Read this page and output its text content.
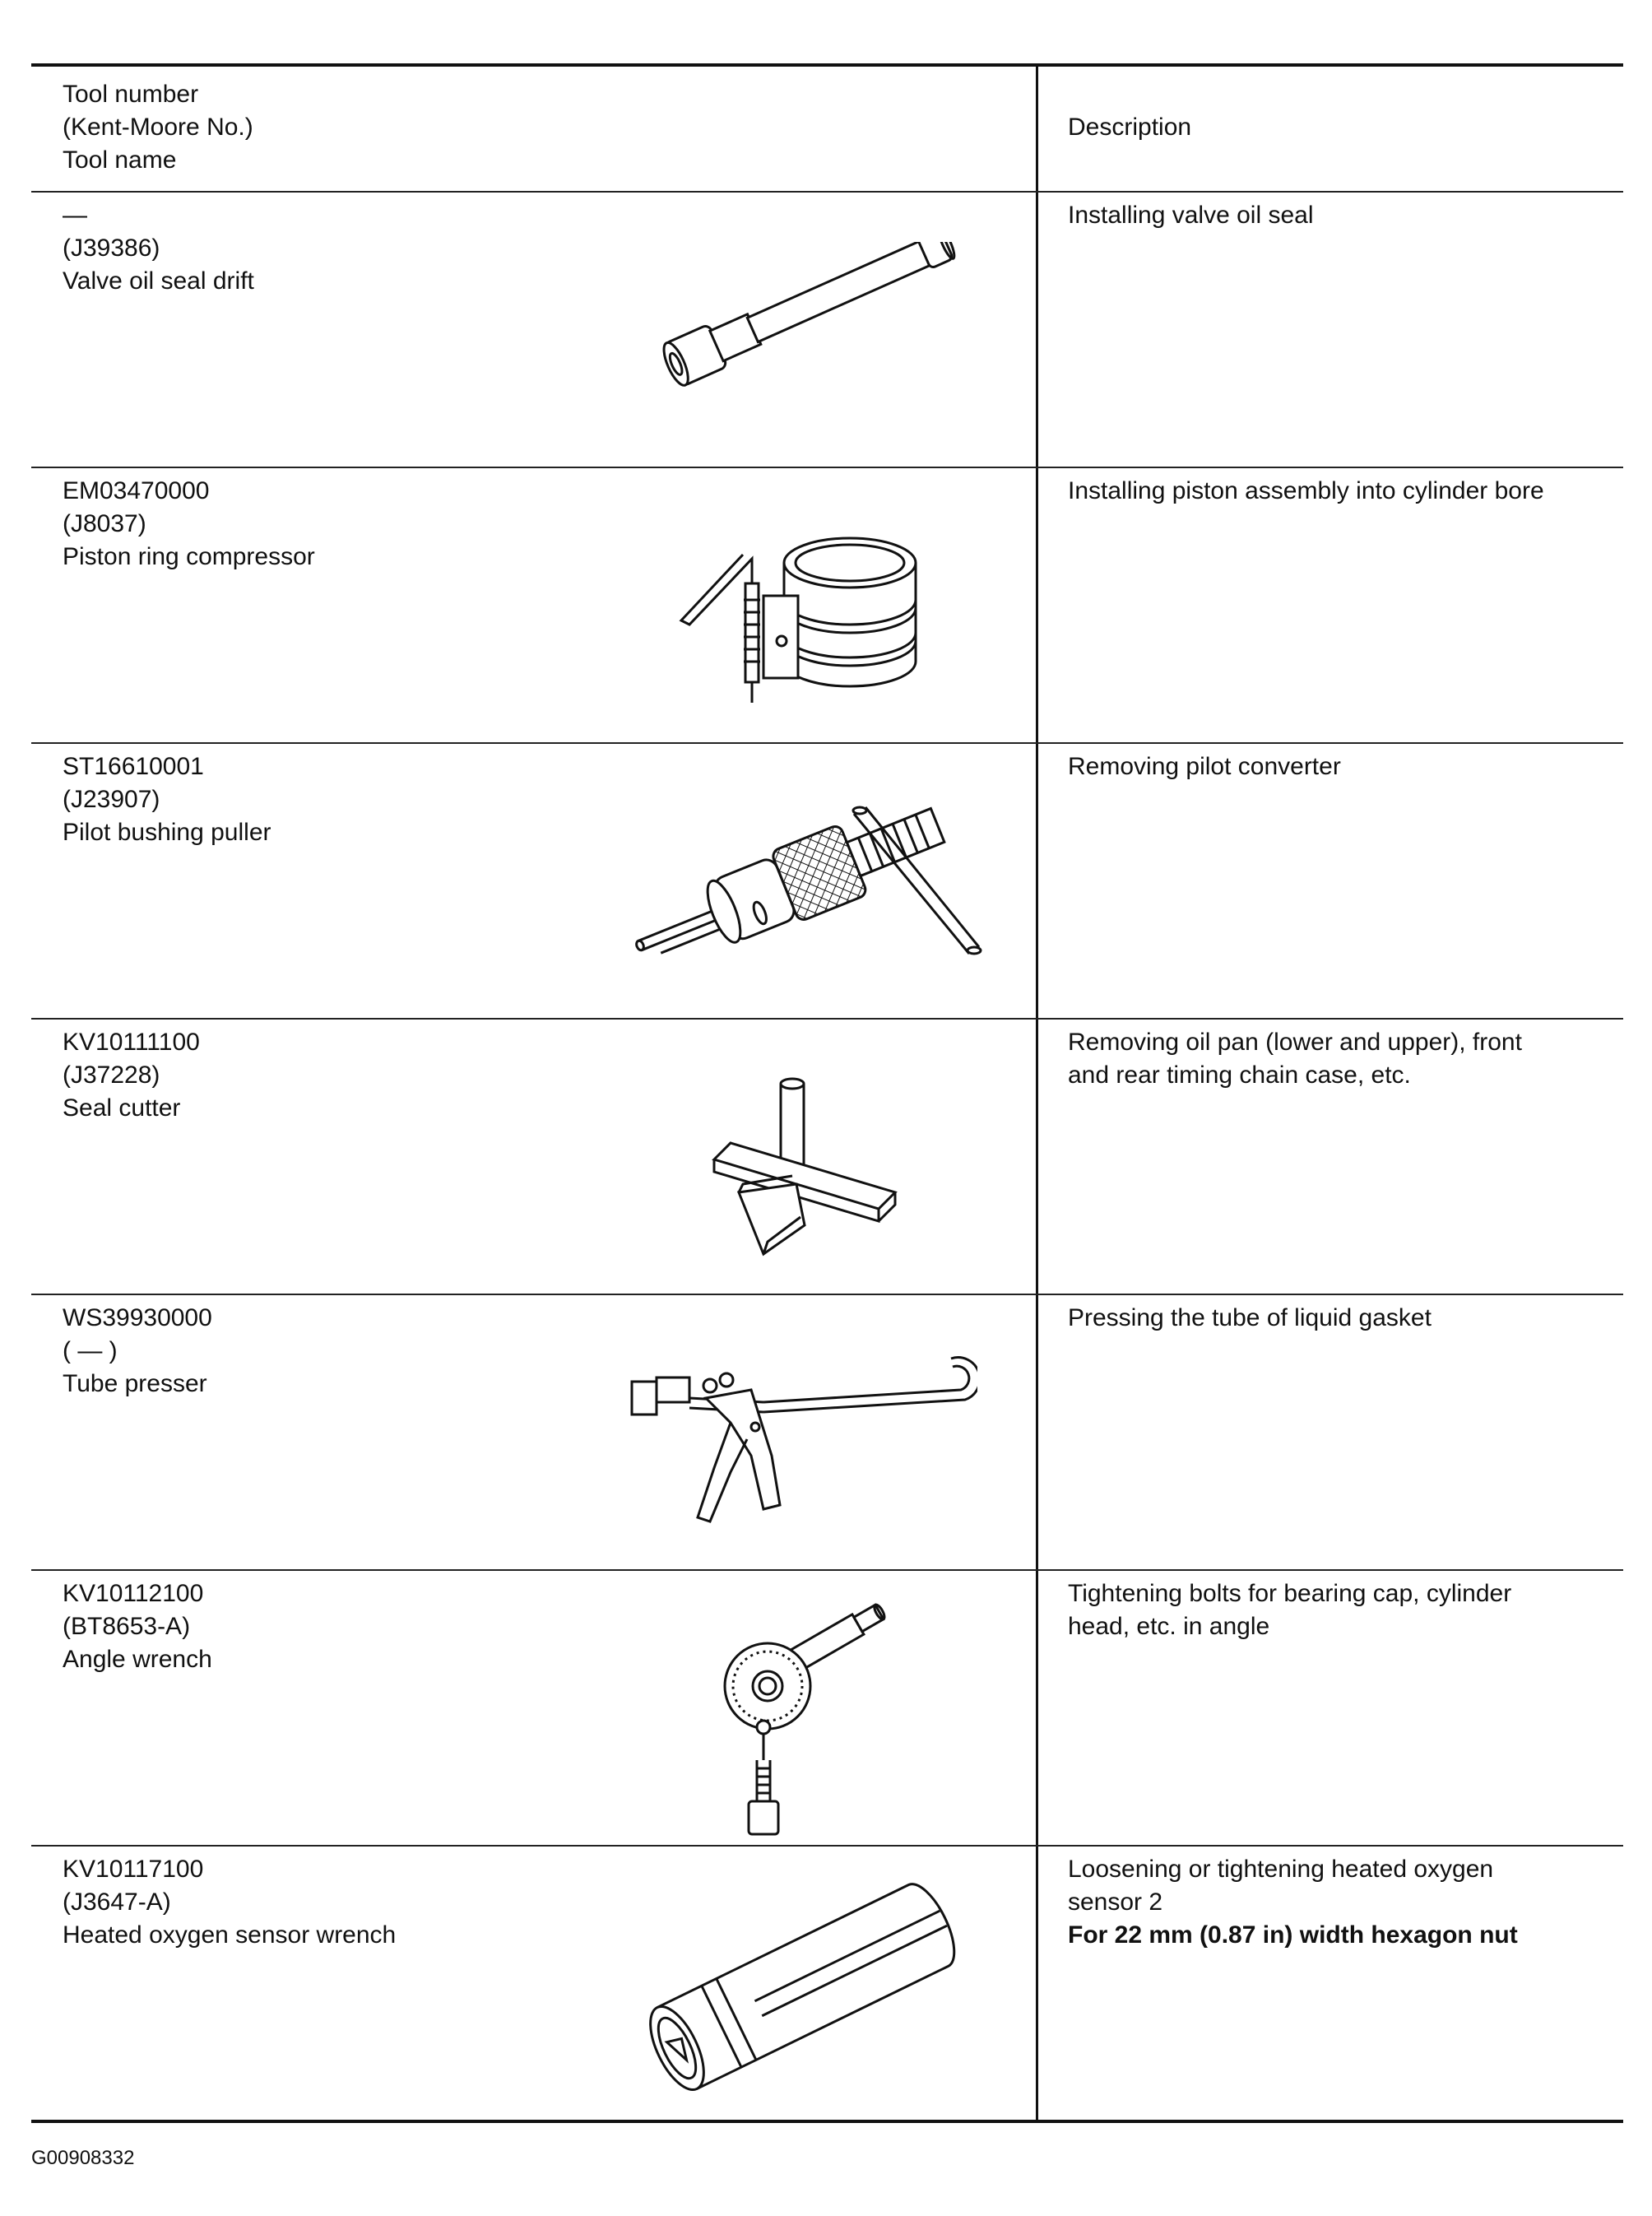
Tool number
(Kent-Moore No.)
Tool name
Description
—
(J39386)
Valve oil seal drift
Installing valve oil seal
EM03470000
(J8037)
Piston ring compressor
Installing piston assembly into cylinder bore
ST16610001
(J23907)
Pilot bushing puller
Removing pilot converter
KV10111100
(J37228)
Seal cutter
Removing oil pan (lower and upper), front
and rear timing chain case, etc.
WS39930000
( — )
Tube presser
Pressing the tube of liquid gasket
KV10112100
(BT8653-A)
Angle wrench
Tightening bolts for bearing cap, cylinder
head, etc. in angle
KV10117100
(J3647-A)
Heated oxygen sensor wrench
Loosening or tightening heated oxygen
sensor 2
For 22 mm (0.87 in) width hexagon nut
G00908332
